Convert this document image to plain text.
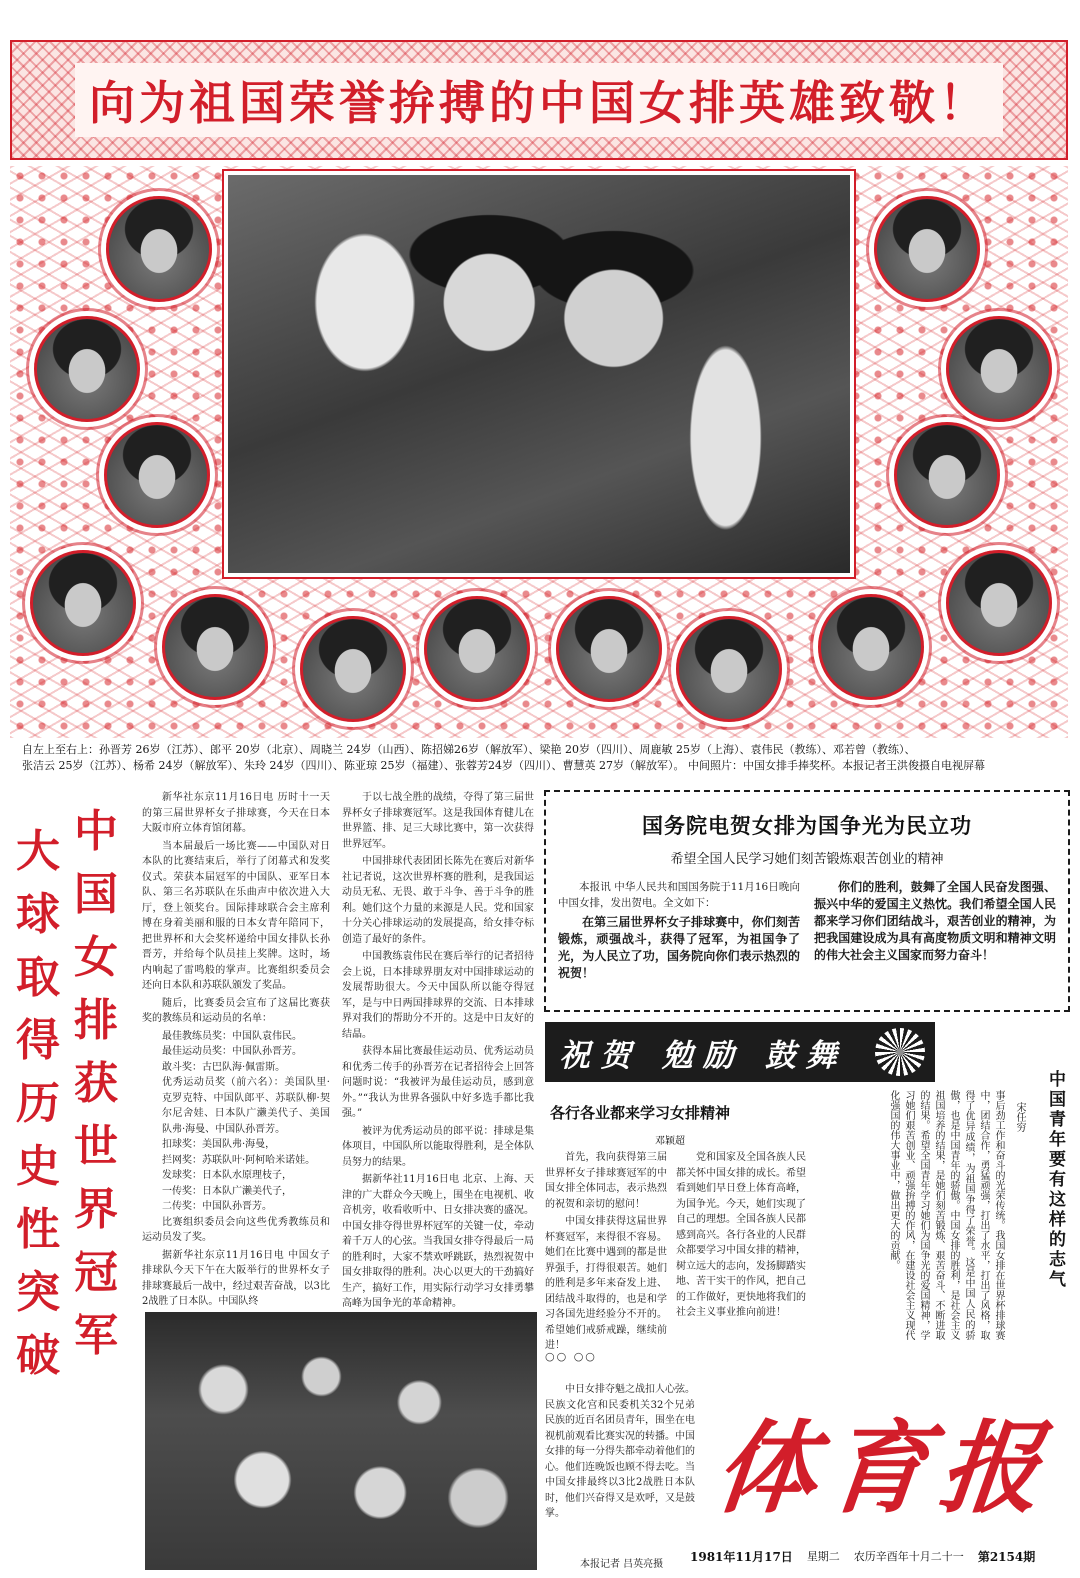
向为祖国荣誉拚搏的中国女排英雄致敬！
自左上至右上：孙晋芳 26岁（江苏）、郎平 20岁（北京）、周晓兰 24岁（山西）、陈招娣26岁（解放军）、梁艳 20岁（四川）、周鹿敏 25岁（上海）、袁伟民（教练）、邓若曾（教练）、
张洁云 25岁（江苏）、杨希 24岁（解放军）、朱玲 24岁（四川）、陈亚琼 25岁（福建）、张蓉芳24岁（四川）、曹慧英 27岁（解放军）。 中间照片：中国女排手捧奖杯。本报记者王洪俊摄自电视屏幕
中国女排获世界冠军
大球取得历史性突破

新华社东京11月16日电 历时十一天的第三届世界杯女子排球赛，今天在日本大阪市府立体育馆闭幕。

当本届最后一场比赛——中国队对日本队的比赛结束后，举行了闭幕式和发奖仪式。荣获本届冠军的中国队、亚军日本队、第三名苏联队在乐曲声中依次进入大厅，登上领奖台。国际排球联合会主席利博在身着美丽和服的日本女青年陪同下，把世界杯和大会奖杯递给中国女排队长孙晋芳，并给每个队员挂上奖牌。这时，场内响起了雷鸣般的掌声。比赛组织委员会还向日本队和苏联队颁发了奖品。

随后，比赛委员会宣布了这届比赛获奖的教练员和运动员的名单：

最佳教练员奖：中国队袁伟民。

最佳运动员奖：中国队孙晋芳。

敢斗奖：古巴队海·佩雷斯。

优秀运动员奖（前六名）：美国队里·克罗克特、中国队郎平、苏联队柳·契尔尼舍娃、日本队广濑美代子、美国队弗·海曼、中国队孙晋芳。

扣球奖：美国队弗·海曼，

拦网奖：苏联队叶·阿柯哈米诺娃。

发球奖：日本队水原理枝子，

一传奖：日本队广濑美代子，

二传奖：中国队孙晋芳。

比赛组织委员会向这些优秀教练员和运动员发了奖。

据新华社东京11月16日电 中国女子排球队今天下午在大阪举行的世界杯女子排球赛最后一战中，经过艰苦奋战，以3比2战胜了日本队。中国队终

于以七战全胜的战绩，夺得了第三届世界杯女子排球赛冠军。这是我国体育健儿在世界篮、排、足三大球比赛中，第一次获得世界冠军。

中国排球代表团团长陈先在赛后对新华社记者说，这次世界杯赛的胜利，是我国运动员无私、无畏、敢于斗争、善于斗争的胜利。她们这个力量的来源是人民。党和国家十分关心排球运动的发展提高，给女排夺标创造了最好的条件。

中国教练袁伟民在赛后举行的记者招待会上说，日本排球界朋友对中国排球运动的发展帮助很大。今天中国队所以能夺得冠军，是与中日两国排球界的交流、日本排球界对我们的帮助分不开的。这是中日友好的结晶。

获得本届比赛最佳运动员、优秀运动员和优秀二传手的孙晋芳在记者招待会上回答问题时说：“我被评为最佳运动员，感到意外。”“我认为世界各强队中好多选手都比我强。”

被评为优秀运动员的郎平说：排球是集体项目，中国队所以能取得胜利，是全体队员努力的结果。

据新华社11月16日电 北京、上海、天津的广大群众今天晚上，围坐在电视机、收音机旁，收看收听中、日女排决赛的盛况。中国女排夺得世界杯冠军的关键一仗，牵动着千万人的心弦。当我国女排夺得最后一局的胜利时，大家不禁欢呼跳跃，热烈祝贺中国女排取得的胜利。决心以更大的干劲搞好生产，搞好工作，用实际行动学习女排勇攀高峰为国争光的革命精神。

国务院电贺女排为国争光为民立功
希望全国人民学习她们刻苦锻炼艰苦创业的精神

本报讯 中华人民共和国国务院于11月16日晚向中国女排，发出贺电。全文如下：

在第三届世界杯女子排球赛中，你们刻苦锻炼，顽强战斗，获得了冠军，为祖国争了光，为人民立了功，国务院向你们表示热烈的祝贺！

你们的胜利，鼓舞了全国人民奋发图强、振兴中华的爱国主义热忱。我们希望全国人民都来学习你们团结战斗，艰苦创业的精神，为把我国建设成为具有高度物质文明和精神文明的伟大社会主义国家而努力奋斗！

祝贺 勉励 鼓舞
各行各业都来学习女排精神
邓颖超

首先，我向获得第三届世界杯女子排球赛冠军的中国女排全体同志，表示热烈的祝贺和亲切的慰问！

中国女排获得这届世界杯赛冠军，来得很不容易。她们在比赛中遇到的都是世界强手，打得很艰苦。她们的胜利是多年来奋发上进、团结战斗取得的，也是和学习各国先进经验分不开的。希望她们戒骄戒躁，继续前进！

党和国家及全国各族人民都关怀中国女排的成长。希望看到她们早日登上体育高峰，为国争光。今天，她们实现了自己的理想。全国各族人民都感到高兴。各行各业的人民群众都要学习中国女排的精神，树立远大的志向，发扬脚踏实地、苦干实干的作风，把自己的工作做好，更快地将我们的社会主义事业推向前进！

○○ ○○

中日女排夺魁之战扣人心弦。民族文化宫和民委机关32个兄弟民族的近百名团员青年，围坐在电视机前观看比赛实况的转播。中国女排的每一分得失都牵动着他们的心。他们连晚饭也顾不得去吃。当中国女排最终以3比2战胜日本队时，他们兴奋得又是欢呼，又是鼓掌。

本报记者 吕英亮摄
中国青年要有这样的志气
宋任穷
事后劲工作和奋斗的光荣传统。我国女排在世界杯排球赛中，团结合作，勇猛顽强，打出了水平，打出了风格，取得了优异成绩，为祖国争得了荣誉。这是中国人民的骄傲，也是中国青年的骄傲。中国女排的胜利，是社会主义祖国培养的结果，是她们刻苦锻炼、艰苦奋斗、不断进取的结果。希望全国青年学习她们为国争光的爱国精神，学习她们艰苦创业、顽强拚搏的作风，在建设社会主义现代化强国的伟大事业中，做出更大的贡献。
体育报
1981年11月17日 星期二 农历辛酉年十月二十一 第2154期
